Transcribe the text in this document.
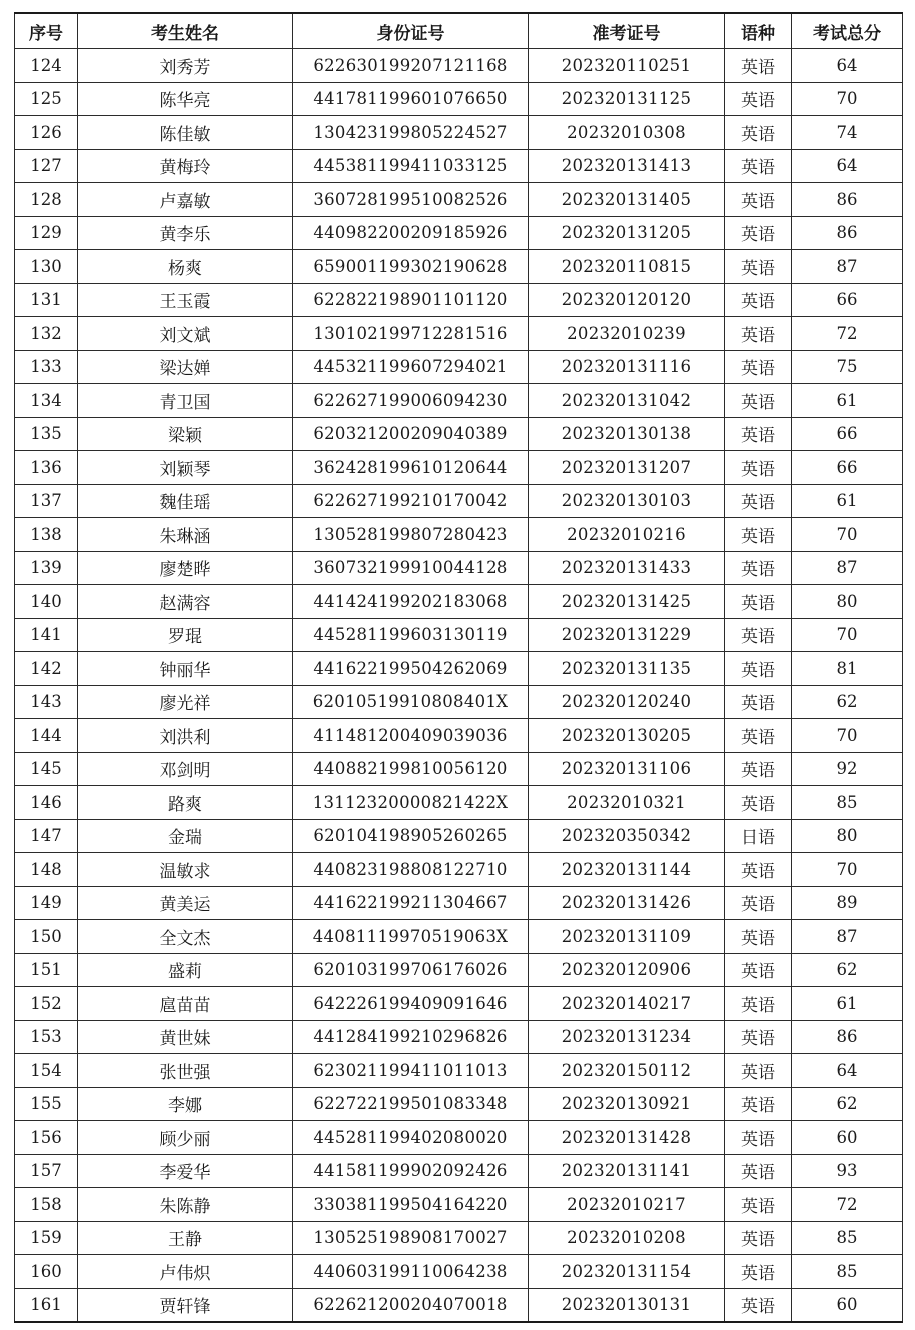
序号	考生姓名	身份证号	准考证号	语种	考试总分
124	刘秀芳	622630199207121168	202320110251	英语	64
125	陈华亮	441781199601076650	202320131125	英语	70
126	陈佳敏	130423199805224527	20232010308	英语	74
127	黄梅玲	445381199411033125	202320131413	英语	64
128	卢嘉敏	360728199510082526	202320131405	英语	86
129	黄李乐	440982200209185926	202320131205	英语	86
130	杨爽	659001199302190628	202320110815	英语	87
131	王玉霞	622822198901101120	202320120120	英语	66
132	刘文斌	130102199712281516	20232010239	英语	72
133	梁达婵	445321199607294021	202320131116	英语	75
134	青卫国	622627199006094230	202320131042	英语	61
135	梁颖	620321200209040389	202320130138	英语	66
136	刘颖琴	362428199610120644	202320131207	英语	66
137	魏佳瑶	622627199210170042	202320130103	英语	61
138	朱琳涵	130528199807280423	20232010216	英语	70
139	廖楚晔	360732199910044128	202320131433	英语	87
140	赵满容	441424199202183068	202320131425	英语	80
141	罗琨	445281199603130119	202320131229	英语	70
142	钟丽华	441622199504262069	202320131135	英语	81
143	廖光祥	62010519910808401X	202320120240	英语	62
144	刘洪利	411481200409039036	202320130205	英语	70
145	邓剑明	440882199810056120	202320131106	英语	92
146	路爽	13112320000821422X	20232010321	英语	85
147	金瑞	620104198905260265	202320350342	日语	80
148	温敏求	440823198808122710	202320131144	英语	70
149	黄美运	441622199211304667	202320131426	英语	89
150	全文杰	44081119970519063X	202320131109	英语	87
151	盛莉	620103199706176026	202320120906	英语	62
152	扈苗苗	642226199409091646	202320140217	英语	61
153	黄世妹	441284199210296826	202320131234	英语	86
154	张世强	623021199411011013	202320150112	英语	64
155	李娜	622722199501083348	202320130921	英语	62
156	顾少丽	445281199402080020	202320131428	英语	60
157	李爱华	441581199902092426	202320131141	英语	93
158	朱陈静	330381199504164220	20232010217	英语	72
159	王静	130525198908170027	20232010208	英语	85
160	卢伟炽	440603199110064238	202320131154	英语	85
161	贾轩锋	622621200204070018	202320130131	英语	60
